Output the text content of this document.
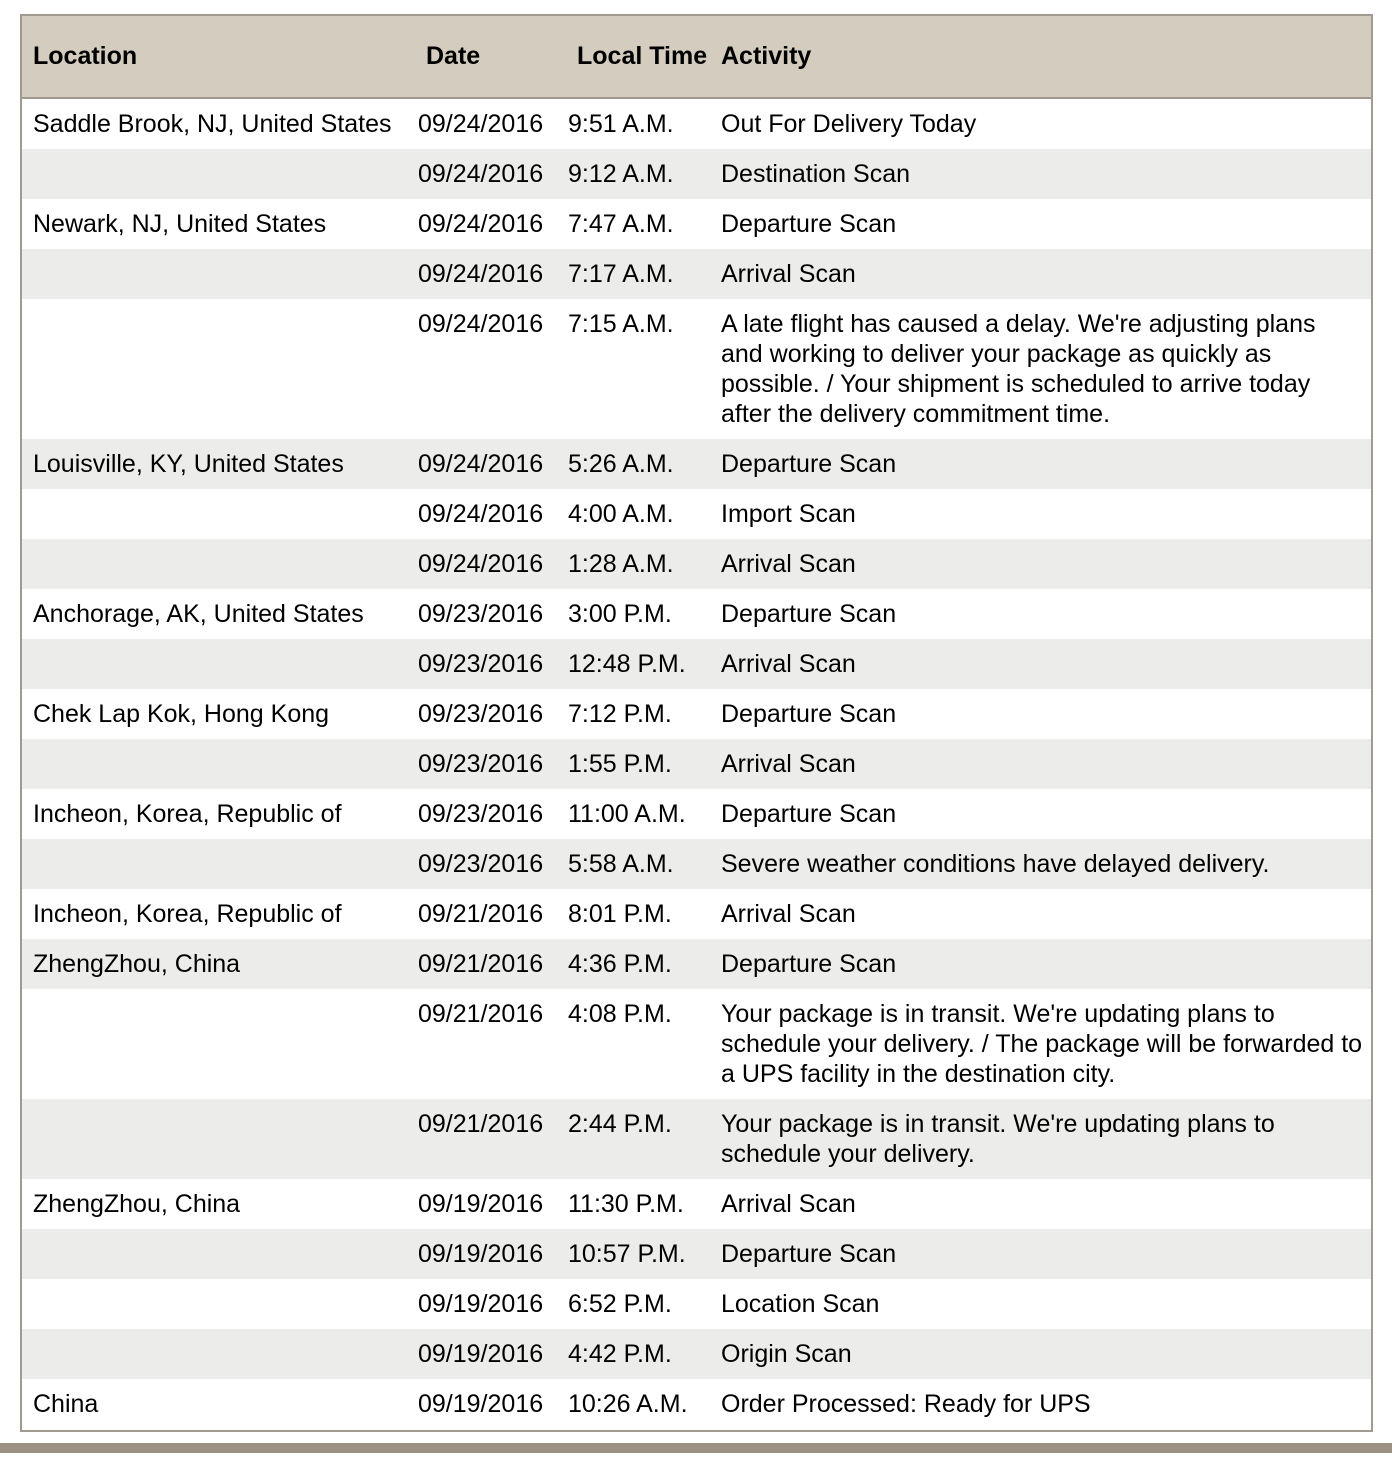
Location	Date	Local Time	Activity
Saddle Brook, NJ, United States	09/24/2016	9:51 A.M.	Out For Delivery Today
	09/24/2016	9:12 A.M.	Destination Scan
Newark, NJ, United States	09/24/2016	7:47 A.M.	Departure Scan
	09/24/2016	7:17 A.M.	Arrival Scan
	09/24/2016	7:15 A.M.	A late flight has caused a delay. We're adjusting plans and working to deliver your package as quickly as possible. / Your shipment is scheduled to arrive today after the delivery commitment time.
Louisville, KY, United States	09/24/2016	5:26 A.M.	Departure Scan
	09/24/2016	4:00 A.M.	Import Scan
	09/24/2016	1:28 A.M.	Arrival Scan
Anchorage, AK, United States	09/23/2016	3:00 P.M.	Departure Scan
	09/23/2016	12:48 P.M.	Arrival Scan
Chek Lap Kok, Hong Kong	09/23/2016	7:12 P.M.	Departure Scan
	09/23/2016	1:55 P.M.	Arrival Scan
Incheon, Korea, Republic of	09/23/2016	11:00 A.M.	Departure Scan
	09/23/2016	5:58 A.M.	Severe weather conditions have delayed delivery.
Incheon, Korea, Republic of	09/21/2016	8:01 P.M.	Arrival Scan
ZhengZhou, China	09/21/2016	4:36 P.M.	Departure Scan
	09/21/2016	4:08 P.M.	Your package is in transit. We're updating plans to schedule your delivery. / The package will be forwarded to a UPS facility in the destination city.
	09/21/2016	2:44 P.M.	Your package is in transit. We're updating plans to schedule your delivery.
ZhengZhou, China	09/19/2016	11:30 P.M.	Arrival Scan
	09/19/2016	10:57 P.M.	Departure Scan
	09/19/2016	6:52 P.M.	Location Scan
	09/19/2016	4:42 P.M.	Origin Scan
China	09/19/2016	10:26 A.M.	Order Processed: Ready for UPS
